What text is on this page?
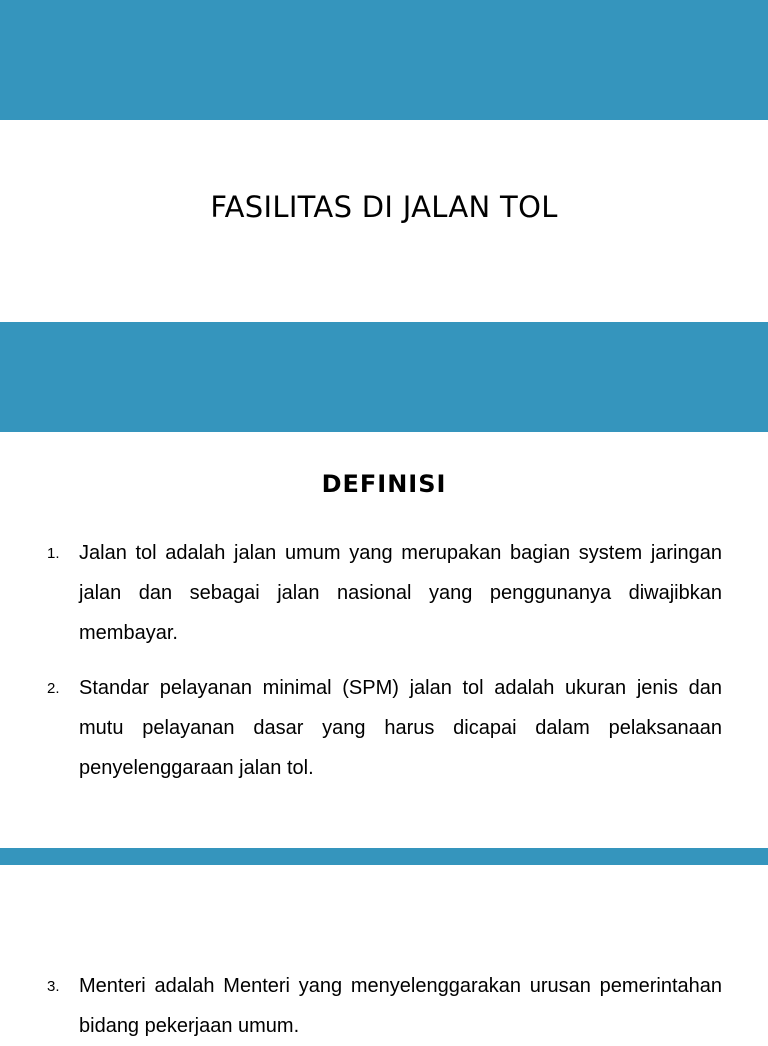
FASILITAS DI JALAN TOL
DEFINISI
1. Jalan tol adalah jalan umum yang merupakan bagian system jaringan jalan dan sebagai jalan nasional yang penggunanya diwajibkan membayar.

2. Standar pelayanan minimal (SPM) jalan tol adalah ukuran jenis dan mutu pelayanan dasar yang harus dicapai dalam pelaksanaan penyelenggaraan jalan tol.

3. Menteri adalah Menteri yang menyelenggarakan urusan pemerintahan bidang pekerjaan umum.
